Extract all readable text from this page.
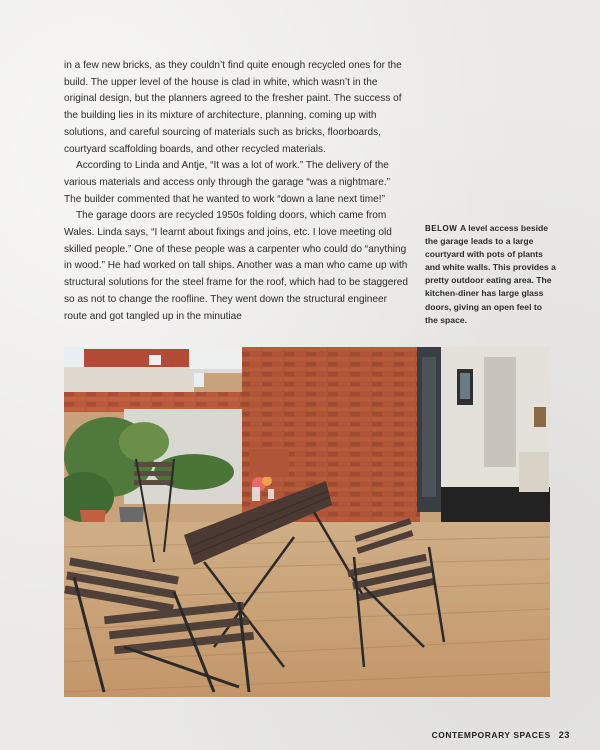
in a few new bricks, as they couldn’t find quite enough recycled ones for the build. The upper level of the house is clad in white, which wasn’t in the original design, but the planners agreed to the fresher paint. The success of the building lies in its mixture of architecture, planning, coming up with solutions, and careful sourcing of materials such as bricks, floorboards, courtyard scaffolding boards, and other recycled materials.

According to Linda and Antje, “It was a lot of work.” The delivery of the various materials and access only through the garage “was a nightmare.” The builder commented that he wanted to work “down a lane next time!”

The garage doors are recycled 1950s folding doors, which came from Wales. Linda says, “I learnt about fixings and joins, etc. I love meeting old skilled people.” One of these people was a carpenter who could do “anything in wood.” He had worked on tall ships. Another was a man who came up with structural solutions for the steel frame for the roof, which had to be staggered so as not to change the roofline. They went down the structural engineer route and got tangled up in the minutiae

BELOW A level access beside the garage leads to a large courtyard with pots of plants and white walls. This provides a pretty outdoor eating area. The kitchen-diner has large glass doors, giving an open feel to the space.
CONTEMPORARY SPACES 23
